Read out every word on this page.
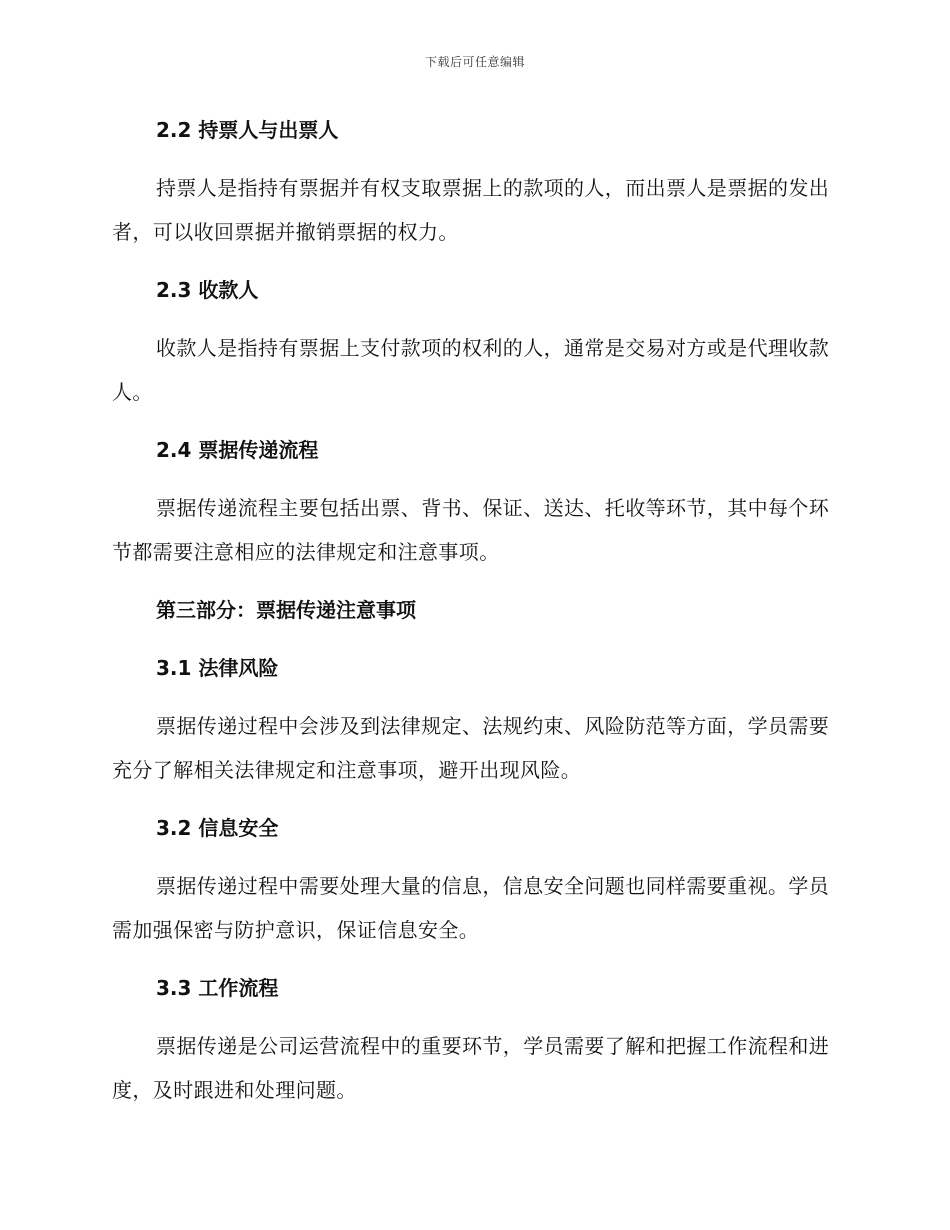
下载后可任意编辑
2.2 持票人与出票人

持票人是指持有票据并有权支取票据上的款项的人，而出票人是票据的发出者，可以收回票据并撤销票据的权力。

2.3 收款人

收款人是指持有票据上支付款项的权利的人，通常是交易对方或是代理收款人。

2.4 票据传递流程

票据传递流程主要包括出票、背书、保证、送达、托收等环节，其中每个环节都需要注意相应的法律规定和注意事项。

第三部分：票据传递注意事项
3.1 法律风险

票据传递过程中会涉及到法律规定、法规约束、风险防范等方面，学员需要充分了解相关法律规定和注意事项，避开出现风险。

3.2 信息安全

票据传递过程中需要处理大量的信息，信息安全问题也同样需要重视。学员需加强保密与防护意识，保证信息安全。

3.3 工作流程

票据传递是公司运营流程中的重要环节，学员需要了解和把握工作流程和进度，及时跟进和处理问题。
